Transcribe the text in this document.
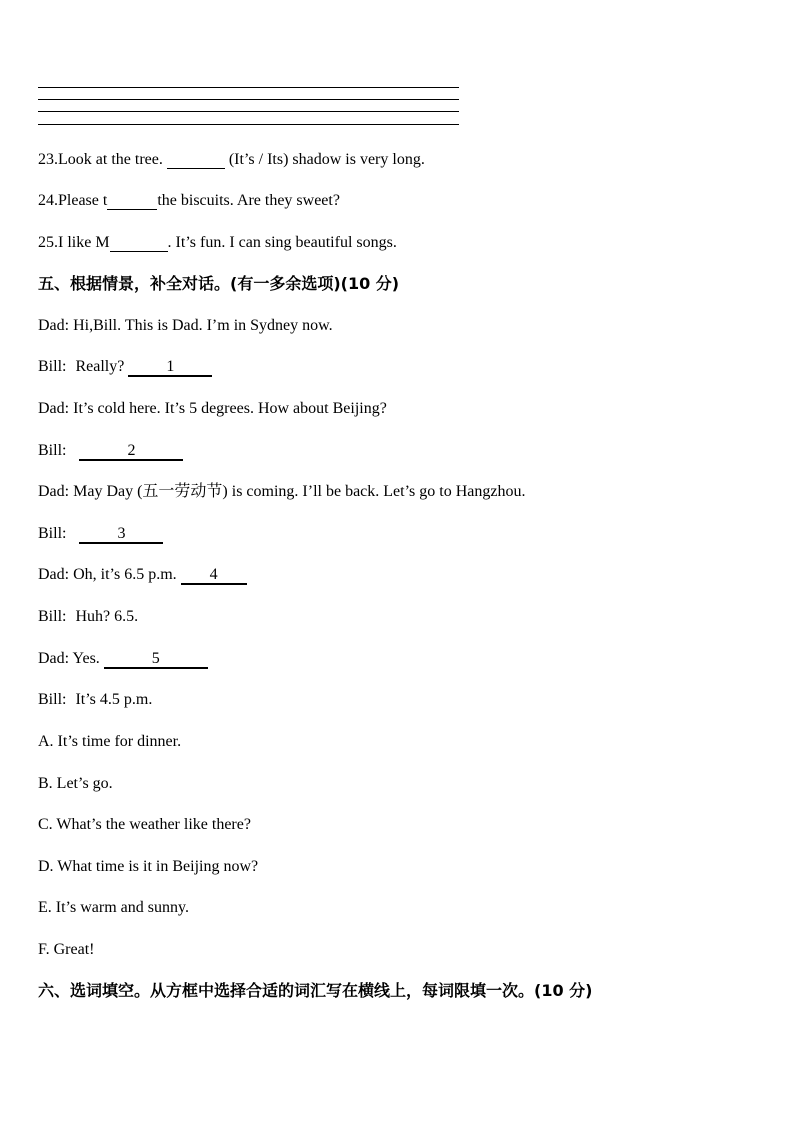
23.Look at the tree.	(It’s / Its) shadow is very long.
24.Please t	the biscuits. Are they sweet?
25.I like M	. It’s fun. I can sing beautiful songs.
五、根据情景，补全对话。(有一多余选项)(10 分)
Dad: Hi,Bill. This is Dad. I’m in Sydney now.
Bill: Really?	1
Dad: It’s cold here. It’s 5 degrees. How about Beijing?
Bill:	2
Dad: May Day (五一劳动节) is coming. I’ll be back. Let’s go to Hangzhou.
Bill:	3
Dad: Oh, it’s 6.5 p.m. 4
Bill: Huh? 6.5.
Dad: Yes.	5
Bill: It’s 4.5 p.m.
A. It’s time for dinner.
B. Let’s go.
C. What’s the weather like there?
D. What time is it in Beijing now?
E. It’s warm and sunny.
F. Great!
六、选词填空。从方框中选择合适的词汇写在横线上，每词限填一次。(10 分)
